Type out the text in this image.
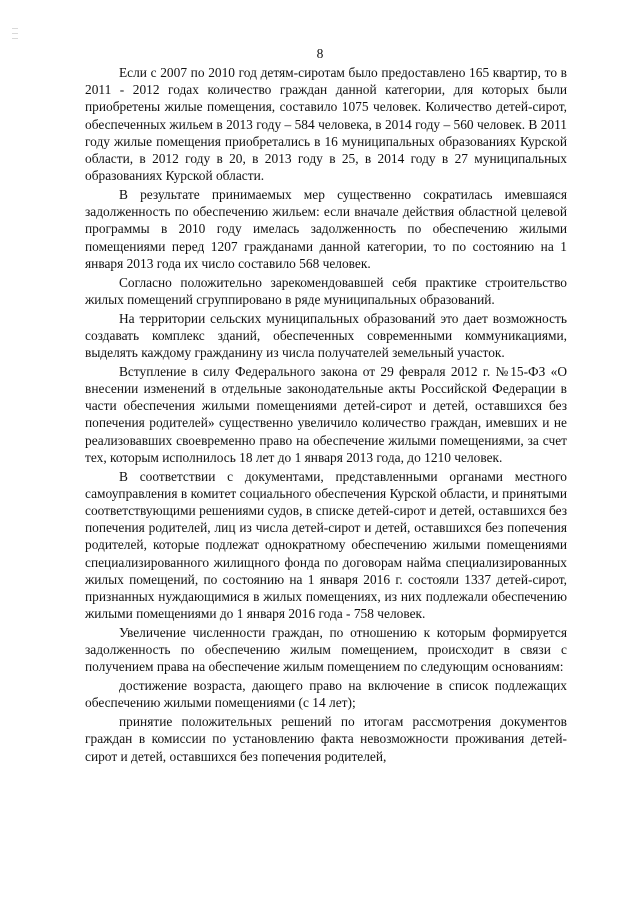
8

Если с 2007 по 2010 год детям-сиротам было предоставлено 165 квартир, то в 2011 - 2012 годах количество граждан данной категории, для которых были приобретены жилые помещения, составило 1075 человек. Количество детей-сирот, обеспеченных жильем в 2013 году – 584 человека, в 2014 году – 560 человек. В 2011 году жилые помещения приобретались в 16 муниципальных образованиях Курской области, в 2012 году в 20, в 2013 году в 25, в 2014 году в 27 муниципальных образованиях Курской области.

В результате принимаемых мер существенно сократилась имевшаяся задолженность по обеспечению жильем: если вначале действия областной целевой программы в 2010 году имелась задолженность по обеспечению жилыми помещениями перед 1207 гражданами данной категории, то по состоянию на 1 января 2013 года их число составило 568 человек.

Согласно положительно зарекомендовавшей себя практике строительство жилых помещений сгруппировано в ряде муниципальных образований.

На территории сельских муниципальных образований это дает возможность создавать комплекс зданий, обеспеченных современными коммуникациями, выделять каждому гражданину из числа получателей земельный участок.

Вступление в силу Федерального закона от 29 февраля 2012 г. №15-ФЗ «О внесении изменений в отдельные законодательные акты Российской Федерации в части обеспечения жилыми помещениями детей-сирот и детей, оставшихся без попечения родителей» существенно увеличило количество граждан, имевших и не реализовавших своевременно право на обеспечение жилыми помещениями, за счет тех, которым исполнилось 18 лет до 1 января 2013 года, до 1210 человек.

В соответствии с документами, представленными органами местного самоуправления в комитет социального обеспечения Курской области, и принятыми соответствующими решениями судов, в списке детей-сирот и детей, оставшихся без попечения родителей, лиц из числа детей-сирот и детей, оставшихся без попечения родителей, которые подлежат однократному обеспечению жилыми помещениями специализированного жилищного фонда по договорам найма специализированных жилых помещений, по состоянию на 1 января 2016 г. состояли 1337 детей-сирот, признанных нуждающимися в жилых помещениях, из них подлежали обеспечению жилыми помещениями до 1 января 2016 года - 758 человек.

Увеличение численности граждан, по отношению к которым формируется задолженность по обеспечению жилым помещением, происходит в связи с получением права на обеспечение жилым помещением по следующим основаниям:

достижение возраста, дающего право на включение в список подлежащих обеспечению жилыми помещениями (с 14 лет);

принятие положительных решений по итогам рассмотрения документов граждан в комиссии по установлению факта невозможности проживания детей-сирот и детей, оставшихся без попечения родителей,
